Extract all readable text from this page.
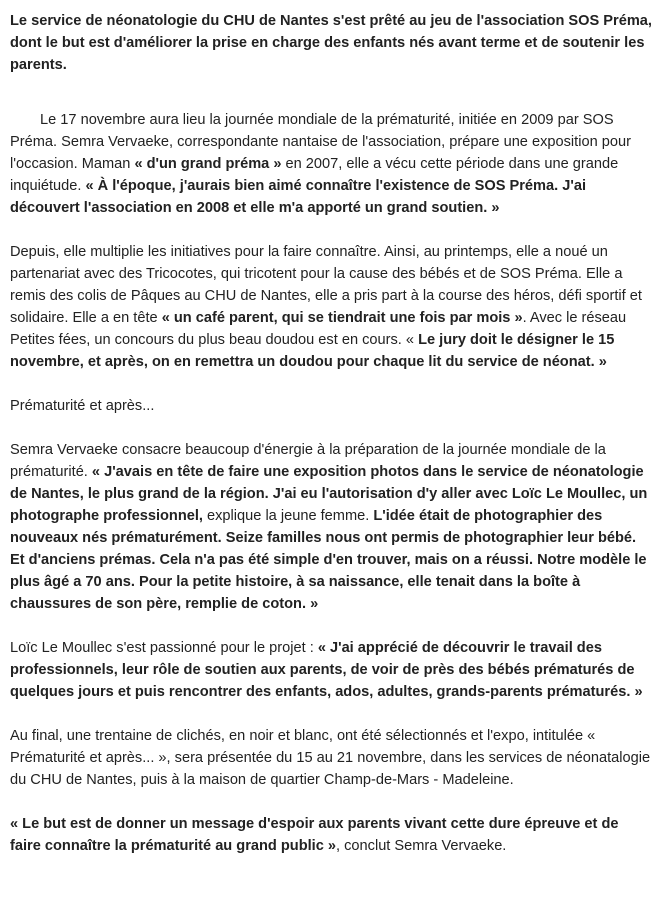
Le service de néonatologie du CHU de Nantes s'est prêté au jeu de l'association SOS Préma, dont le but est d'améliorer la prise en charge des enfants nés avant terme et de soutenir les parents.

Le 17 novembre aura lieu la journée mondiale de la prématurité, initiée en 2009 par SOS Préma. Semra Vervaeke, correspondante nantaise de l'association, prépare une exposition pour l'occasion. Maman « d'un grand préma » en 2007, elle a vécu cette période dans une grande inquiétude. « À l'époque, j'aurais bien aimé connaître l'existence de SOS Préma. J'ai découvert l'association en 2008 et elle m'a apporté un grand soutien. »

Depuis, elle multiplie les initiatives pour la faire connaître. Ainsi, au printemps, elle a noué un partenariat avec des Tricocotes, qui tricotent pour la cause des bébés et de SOS Préma. Elle a remis des colis de Pâques au CHU de Nantes, elle a pris part à la course des héros, défi sportif et solidaire. Elle a en tête « un café parent, qui se tiendrait une fois par mois ». Avec le réseau Petites fées, un concours du plus beau doudou est en cours. « Le jury doit le désigner le 15 novembre, et après, on en remettra un doudou pour chaque lit du service de néonat. »

Prématurité et après...

Semra Vervaeke consacre beaucoup d'énergie à la préparation de la journée mondiale de la prématurité. « J'avais en tête de faire une exposition photos dans le service de néonatologie de Nantes, le plus grand de la région. J'ai eu l'autorisation d'y aller avec Loïc Le Moullec, un photographe professionnel, explique la jeune femme. L'idée était de photographier des nouveaux nés prématurément. Seize familles nous ont permis de photographier leur bébé. Et d'anciens prémas. Cela n'a pas été simple d'en trouver, mais on a réussi. Notre modèle le plus âgé a 70 ans. Pour la petite histoire, à sa naissance, elle tenait dans la boîte à chaussures de son père, remplie de coton. »

Loïc Le Moullec s'est passionné pour le projet : « J'ai apprécié de découvrir le travail des professionnels, leur rôle de soutien aux parents, de voir de près des bébés prématurés de quelques jours et puis rencontrer des enfants, ados, adultes, grands-parents prématurés. »

Au final, une trentaine de clichés, en noir et blanc, ont été sélectionnés et l'expo, intitulée « Prématurité et après... », sera présentée du 15 au 21 novembre, dans les services de néonatalogie du CHU de Nantes, puis à la maison de quartier Champ-de-Mars - Madeleine.

« Le but est de donner un message d'espoir aux parents vivant cette dure épreuve et de faire connaître la prématurité au grand public », conclut Semra Vervaeke.
